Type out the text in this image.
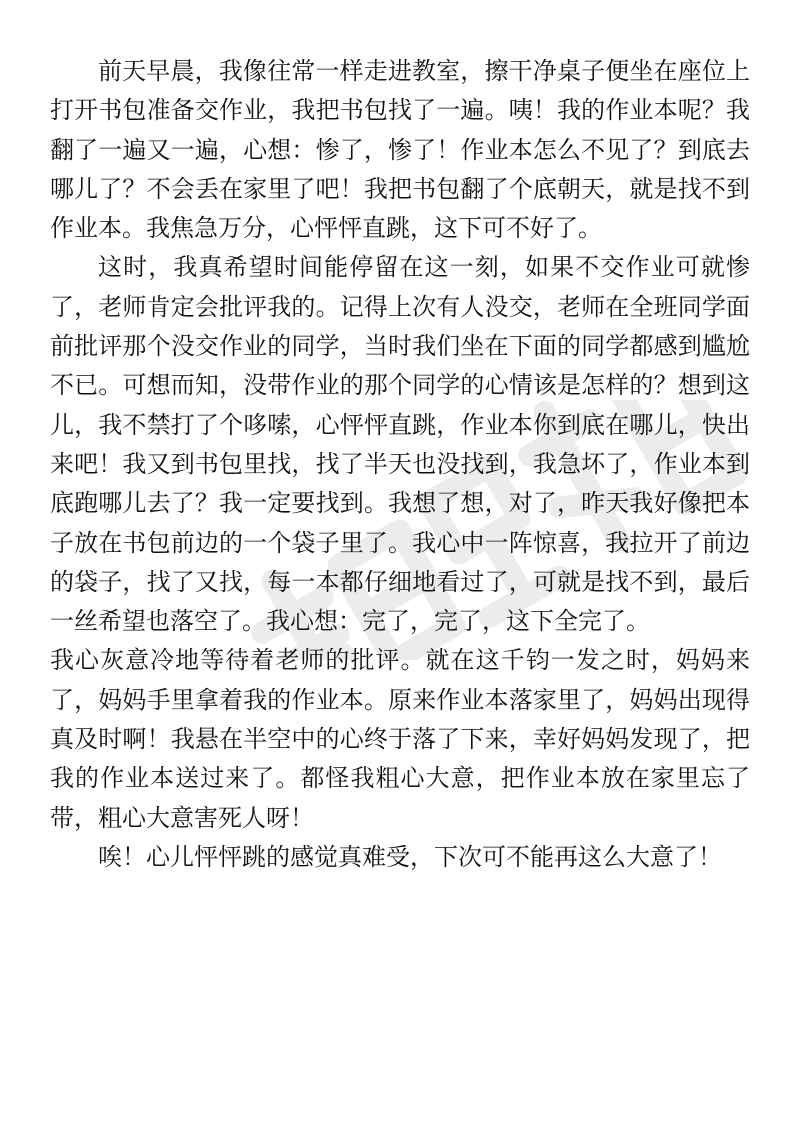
前天早晨，我像往常一样走进教室，擦干净桌子便坐在座位上打开书包准备交作业，我把书包找了一遍。咦！我的作业本呢？我翻了一遍又一遍，心想：惨了，惨了！作业本怎么不见了？到底去哪儿了？不会丢在家里了吧！我把书包翻了个底朝天，就是找不到作业本。我焦急万分，心怦怦直跳，这下可不好了。

这时，我真希望时间能停留在这一刻，如果不交作业可就惨了，老师肯定会批评我的。记得上次有人没交，老师在全班同学面前批评那个没交作业的同学，当时我们坐在下面的同学都感到尴尬不已。可想而知，没带作业的那个同学的心情该是怎样的？想到这儿，我不禁打了个哆嗦，心怦怦直跳，作业本你到底在哪儿，快出来吧！我又到书包里找，找了半天也没找到，我急坏了，作业本到底跑哪儿去了？我一定要找到。我想了想，对了，昨天我好像把本子放在书包前边的一个袋子里了。我心中一阵惊喜，我拉开了前边的袋子，找了又找，每一本都仔细地看过了，可就是找不到，最后一丝希望也落空了。我心想：完了，完了，这下全完了。

我心灰意冷地等待着老师的批评。就在这千钧一发之时，妈妈来了，妈妈手里拿着我的作业本。原来作业本落家里了，妈妈出现得真及时啊！我悬在半空中的心终于落了下来，幸好妈妈发现了，把我的作业本送过来了。都怪我粗心大意，把作业本放在家里忘了带，粗心大意害死人呀！

唉！心儿怦怦跳的感觉真难受，下次可不能再这么大意了！
